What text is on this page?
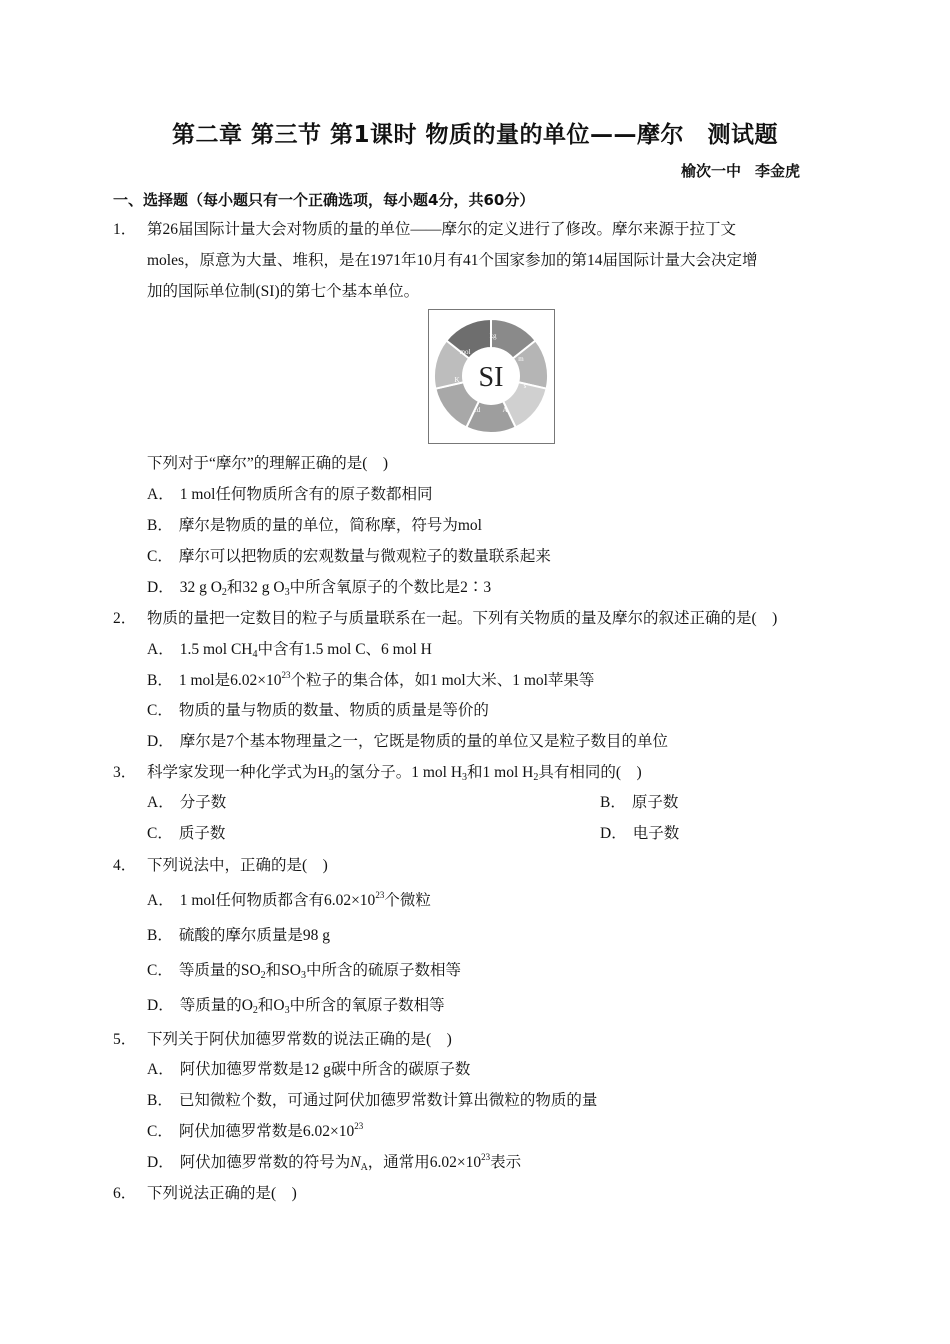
第二章 第三节 第1课时 物质的量的单位——摩尔　测试题
榆次一中 李金虎
一、选择题（每小题只有一个正确选项，每小题4分，共60分）
1． 第26届国际计量大会对物质的量的单位——摩尔的定义进行了修改。摩尔来源于拉丁文
moles，原意为大量、堆积，是在1971年10月有41个国家参加的第14届国际计量大会决定增
加的国际单位制(SI)的第七个基本单位。
SI
kg
m
s
A
cd
K
mol
下列对于“摩尔”的理解正确的是(　)
A． 1 mol任何物质所含有的原子数都相同
B． 摩尔是物质的量的单位，简称摩，符号为mol
C． 摩尔可以把物质的宏观数量与微观粒子的数量联系起来
D． 32 g $O_2$和32 g $O_3$中所含氧原子的个数比是2∶3
2． 物质的量把一定数目的粒子与质量联系在一起。下列有关物质的量及摩尔的叙述正确的是(　)
A． 1.5 mol $CH_4$中含有1.5 mol C、6 mol H
B． 1 mol是$6.02\times 10^{23}$个粒子的集合体，如1 mol大米、1 mol苹果等
C． 物质的量与物质的数量、物质的质量是等价的
D． 摩尔是7个基本物理量之一，它既是物质的量的单位又是粒子数目的单位
3． 科学家发现一种化学式为$H_3$的氢分子。1 mol $H_3$和1 mol $H_2$具有相同的(　)
A． 分子数	B． 原子数
C． 质子数	D． 电子数
4． 下列说法中，正确的是(　)
A． 1 mol任何物质都含有$6.02\times 10^{23}$个微粒
B． 硫酸的摩尔质量是98 g
C． 等质量的$SO_2$和$SO_3$中所含的硫原子数相等
D． 等质量的$O_2$和$O_3$中所含的氧原子数相等
5． 下列关于阿伏加德罗常数的说法正确的是(　)
A． 阿伏加德罗常数是12 g碳中所含的碳原子数
B． 已知微粒个数，可通过阿伏加德罗常数计算出微粒的物质的量
C． 阿伏加德罗常数是$6.02\times 10^{23}$
D． 阿伏加德罗常数的符号为$N_A$，通常用$6.02\times 10^{23}$表示
6． 下列说法正确的是(　)
